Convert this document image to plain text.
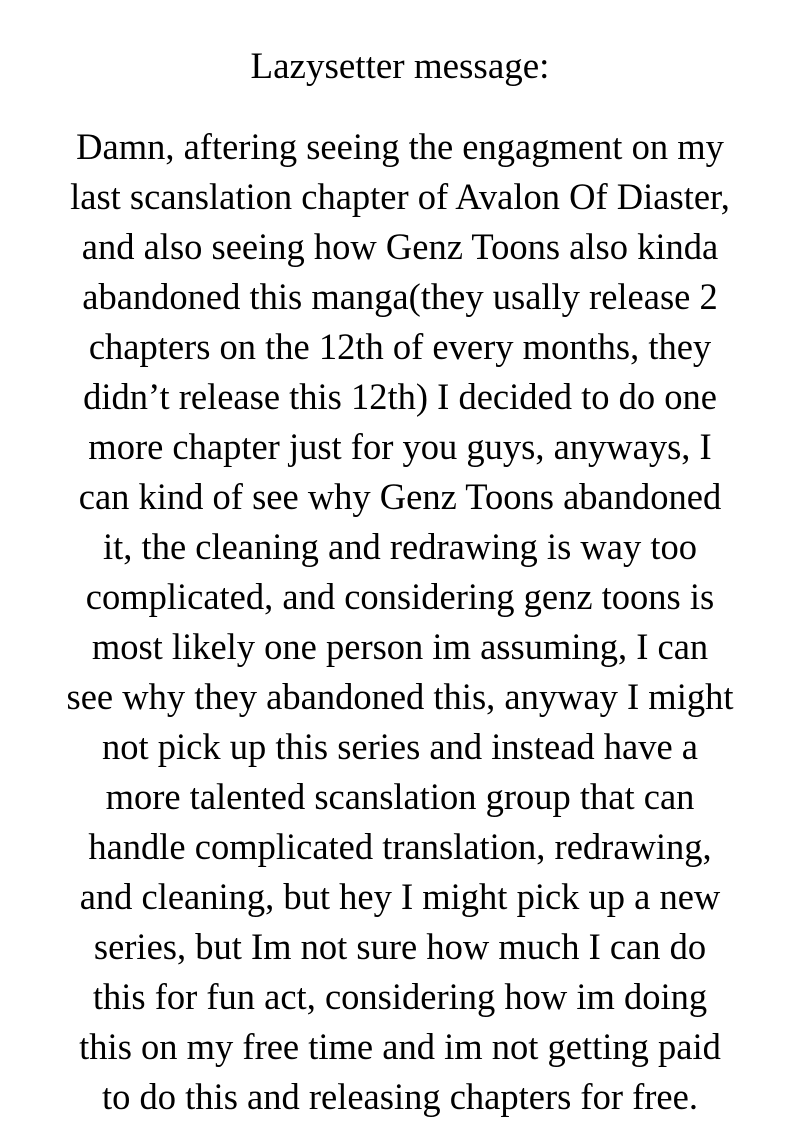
Lazysetter message:
Damn, aftering seeing the engagment on my
last scanslation chapter of Avalon Of Diaster,
and also seeing how Genz Toons also kinda
abandoned this manga(they usally release 2
chapters on the 12th of every months, they
didn’t release this 12th) I decided to do one
more chapter just for you guys, anyways, I
can kind of see why Genz Toons abandoned
it, the cleaning and redrawing is way too
complicated, and considering genz toons is
most likely one person im assuming, I can
see why they abandoned this, anyway I might
not pick up this series and instead have a
more talented scanslation group that can
handle complicated translation, redrawing,
and cleaning, but hey I might pick up a new
series, but Im not sure how much I can do
this for fun act, considering how im doing
this on my free time and im not getting paid
to do this and releasing chapters for free.
